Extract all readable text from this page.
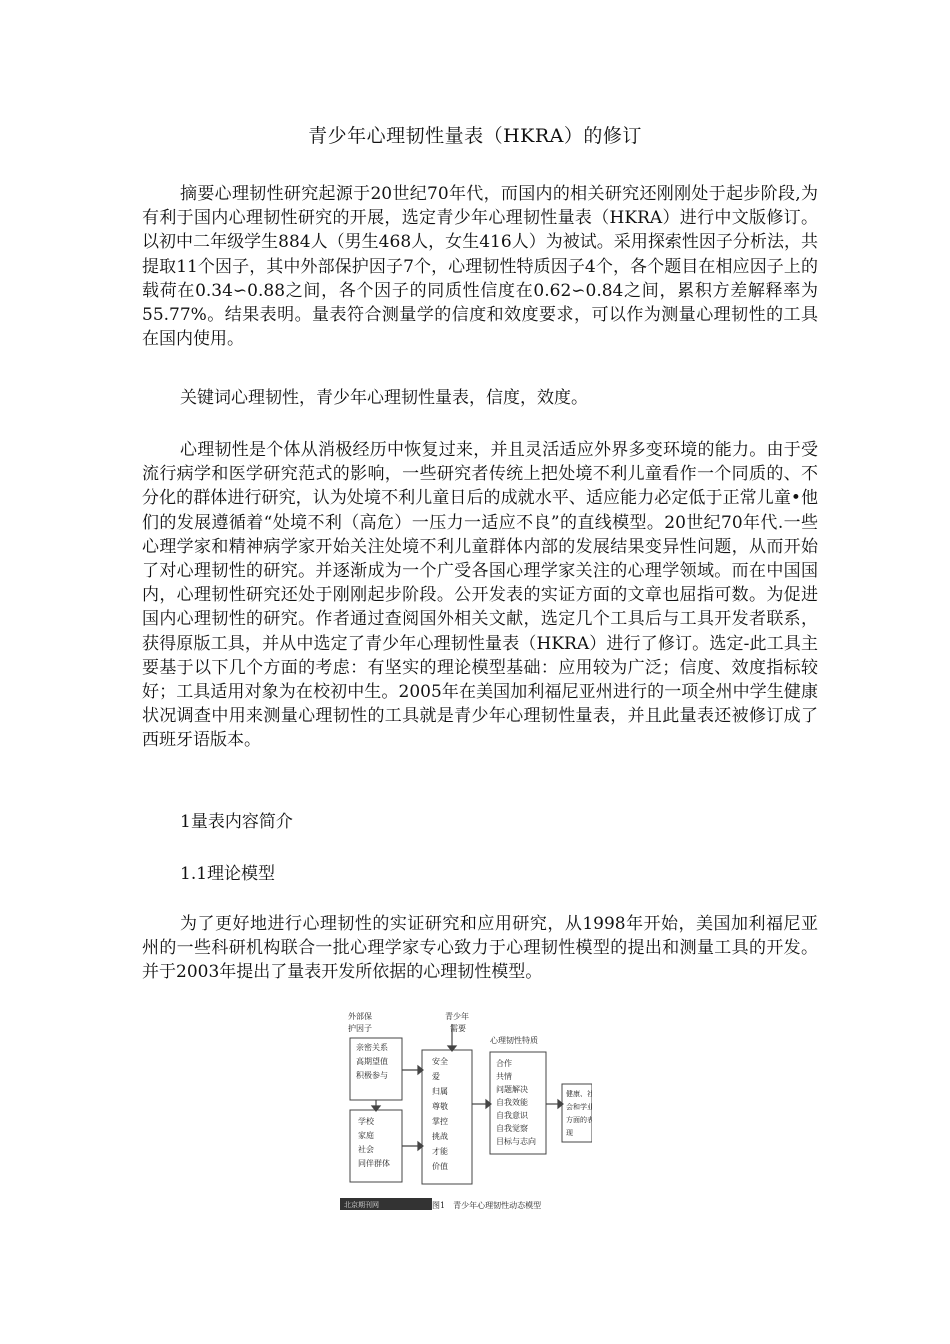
青少年心理韧性量表（HKRA）的修订

摘要心理韧性研究起源于20世纪70年代，而国内的相关研究还刚刚处于起步阶段,为有利于国内心理韧性研究的开展，选定青少年心理韧性量表（HKRA）进行中文版修订。以初中二年级学生884人（男生468人，女生416人）为被试。采用探索性因子分析法，共提取11个因子，其中外部保护因子7个，心理韧性特质因子4个，各个题目在相应因子上的载荷在0.34∽0.88之间，各个因子的同质性信度在0.62∽0.84之间，累积方差解释率为55.77%。结果表明。量表符合测量学的信度和效度要求，可以作为测量心理韧性的工具在国内使用。

关键词心理韧性，青少年心理韧性量表，信度，效度。

心理韧性是个体从消极经历中恢复过来，并且灵活适应外界多变环境的能力。由于受流行病学和医学研究范式的影响，一些研究者传统上把处境不利儿童看作一个同质的、不分化的群体进行研究，认为处境不利儿童日后的成就水平、适应能力必定低于正常儿童•他们的发展遵循着“处境不利（高危）一压力一适应不良”的直线模型。20世纪70年代.一些心理学家和精神病学家开始关注处境不利儿童群体内部的发展结果变异性问题，从而开始了对心理韧性的研究。并逐渐成为一个广受各国心理学家关注的心理学领域。而在中国国内，心理韧性研究还处于刚刚起步阶段。公开发表的实证方面的文章也屈指可数。为促进国内心理韧性的研究。作者通过查阅国外相关文献，选定几个工具后与工具开发者联系，获得原版工具，并从中选定了青少年心理韧性量表（HKRA）进行了修订。选定-此工具主要基于以下几个方面的考虑：有坚实的理论模型基础：应用较为广泛；信度、效度指标较好；工具适用对象为在校初中生。2005年在美国加利福尼亚州进行的一项全州中学生健康状况调查中用来测量心理韧性的工具就是青少年心理韧性量表，并且此量表还被修订成了西班牙语版本。

1量表内容简介

1.1理论模型

为了更好地进行心理韧性的实证研究和应用研究，从1998年开始，美国加利福尼亚州的一些科研机构联合一批心理学家专心致力于心理韧性模型的提出和测量工具的开发。并于2003年提出了量表开发所依据的心理韧性模型。

外部保
护因子
青少年
需要
心理韧性特质
亲密关系
高期望值
积极参与
学校
家庭
社会
同伴群体
安全
爱
归属
尊敬
掌控
挑战
才能
价值
合作
共情
问题解决
自我效能
自我意识
自我觉察
目标与志向
健康、社
会和学业
方面的表
现
北京期刊网	图1　青少年心理韧性动态模型
